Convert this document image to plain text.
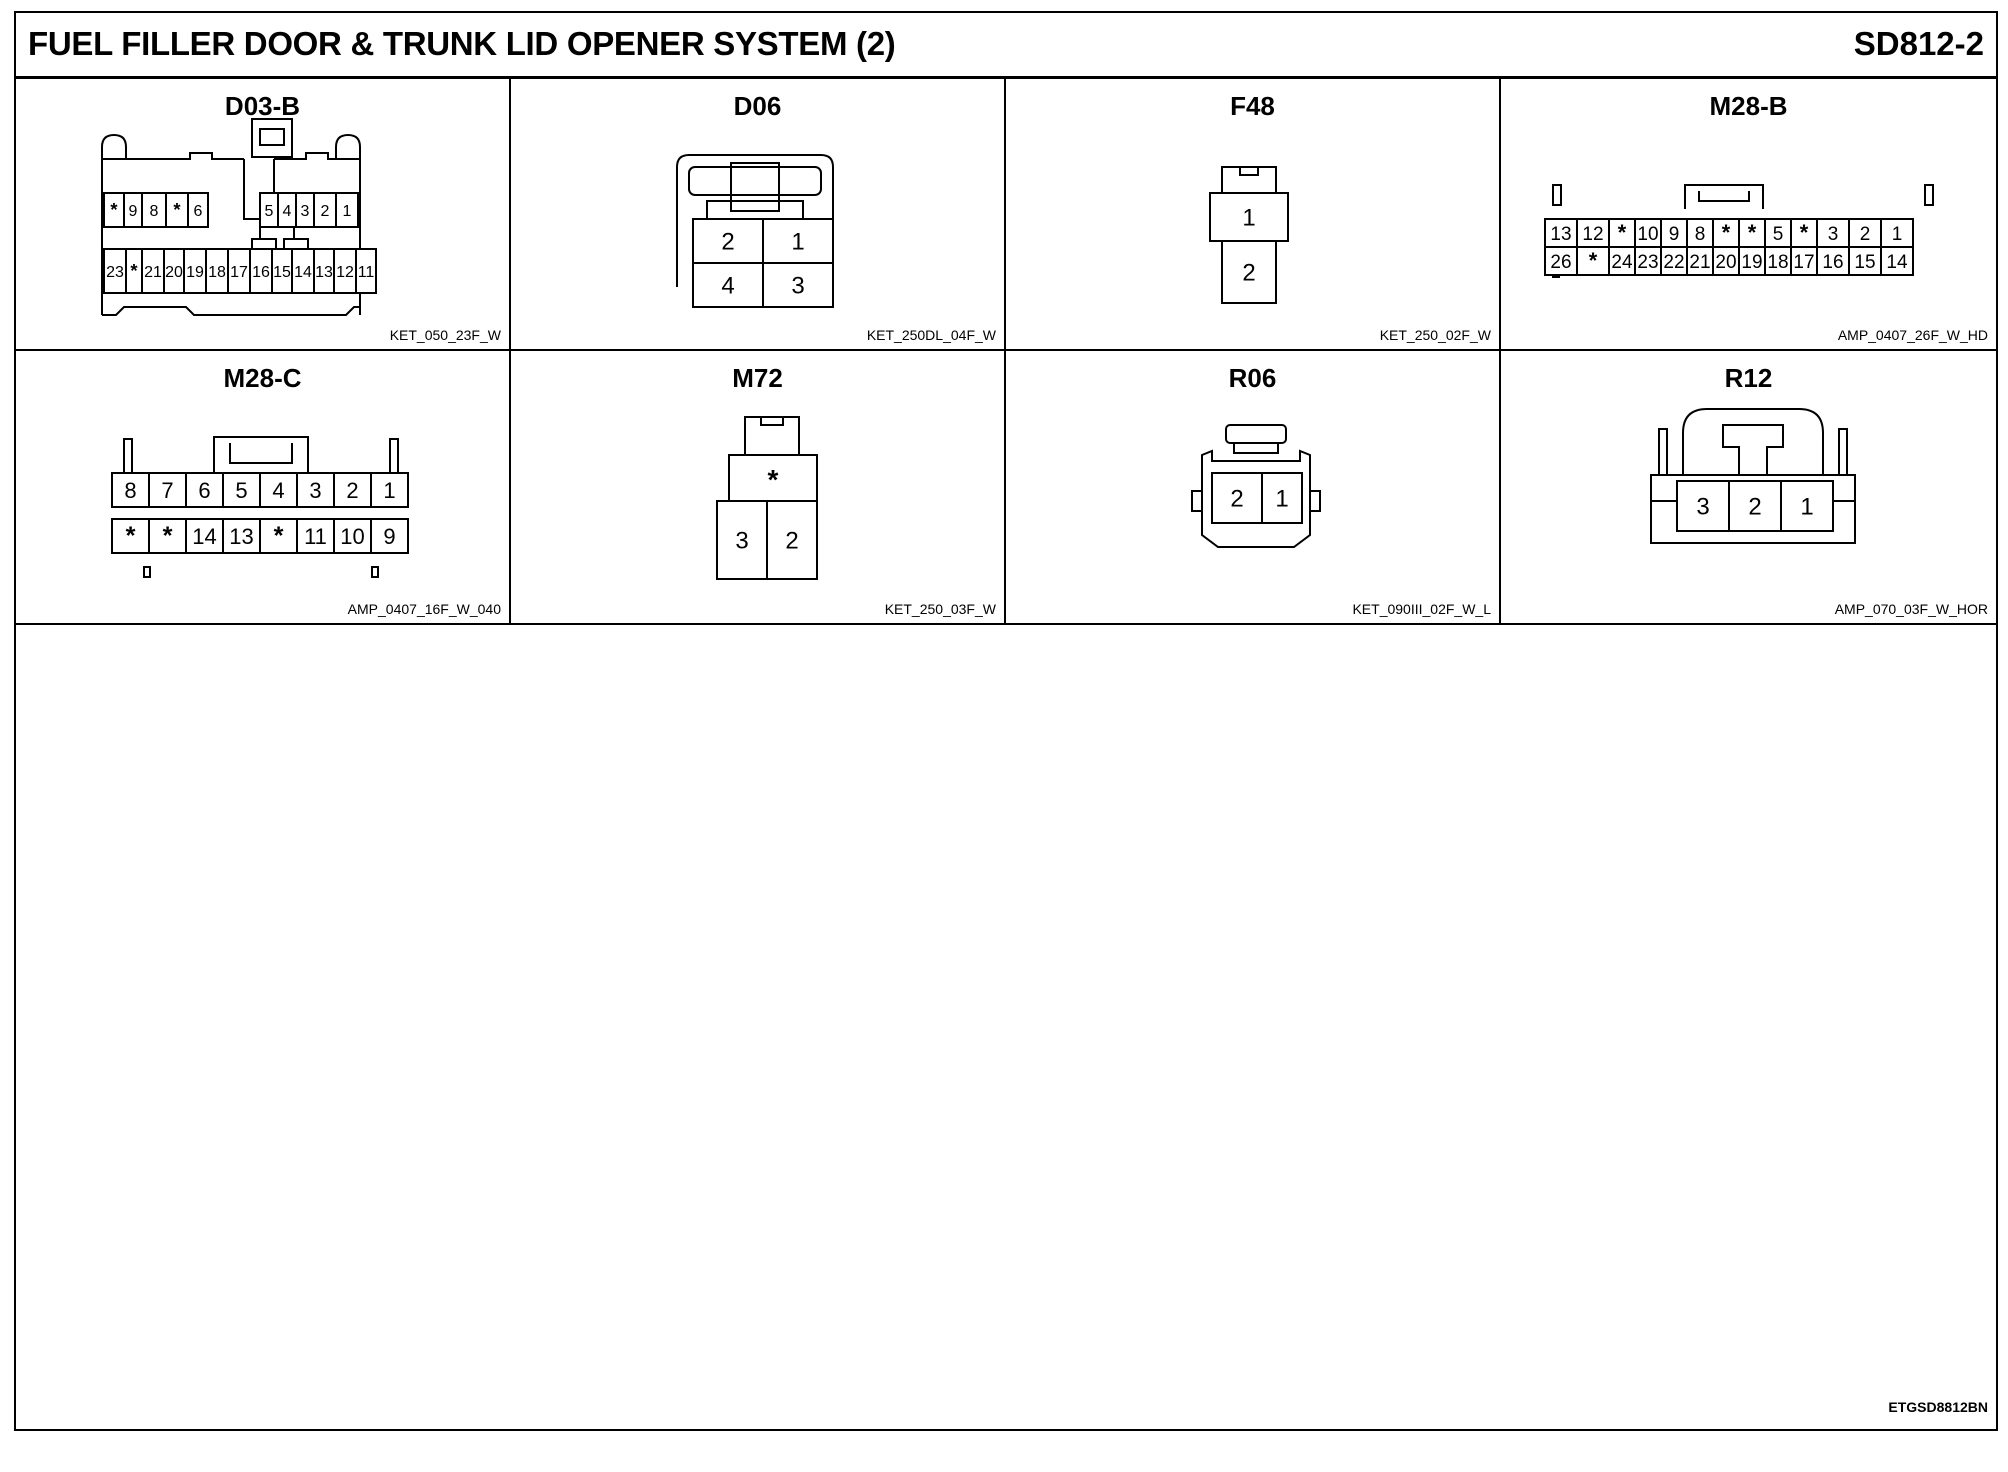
FUEL FILLER DOOR & TRUNK LID OPENER SYSTEM (2)	SD812-2
D03-B
* 9 8 * 6	5 4 3 2 1
23 * 21 20 19 18 17 16 15 14 13 12 11
KET_050_23F_W
D06
2 1
4 3
KET_250DL_04F_W
F48
1
2
KET_250_02F_W
M28-B
13 12 * 10 9 8 * * 5 * 3 2 1
26 * 24 23 22 21 20 19 18 17 16 15 14
AMP_0407_26F_W_HD
M28-C
8 7 6 5 4 3 2 1
* * 14 13 * 11 10 9
AMP_0407_16F_W_040
M72
*
3 2
KET_250_03F_W
R06
2 1
KET_090III_02F_W_L
R12
3 2 1
AMP_070_03F_W_HOR
ETGSD8812BN
